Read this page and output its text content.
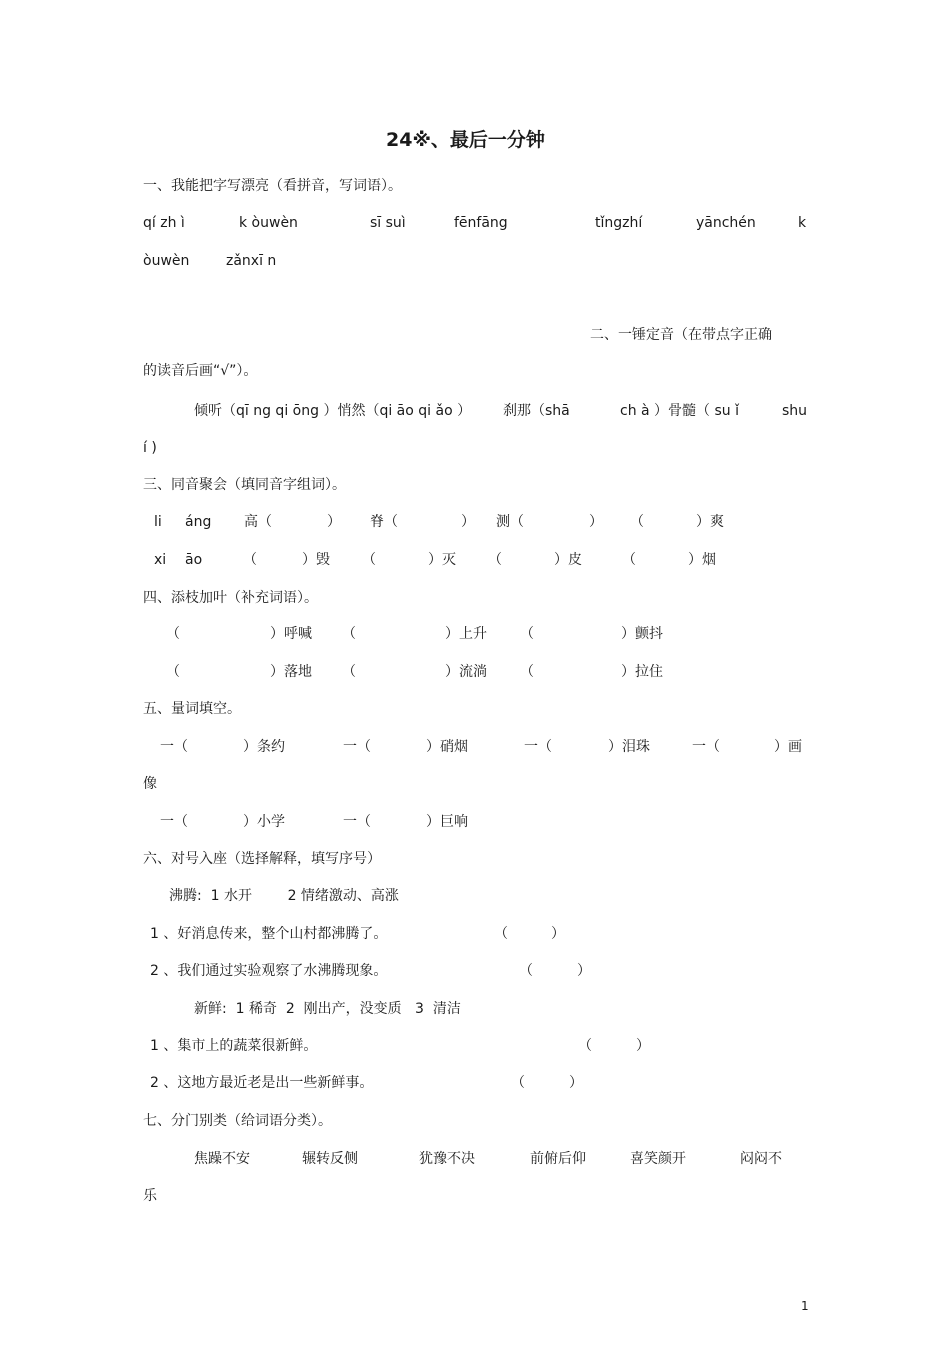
24※、最后一分钟
一、我能把字写漂亮（看拼音，写词语）。
qí zh ì	k òuwèn	sī suì	fēnfāng	tǐngzhí	yānchén	k
òuwèn	zǎnxī n
二、一锤定音（在带点字正确
的读音后画“√”）。
倾听（qī ng qi ōng ）悄然（qi āo qi ǎo ） 刹那（shā	ch à ）骨髓（ su ǐ	shu
í )
三、同音聚会（填同音字组词）。
li áng 高（	） 脊（	） 测（	） （	）爽
xi āo	（	）毁 （	）灭 （	）皮	（	）烟
四、添枝加叶（补充词语）。
（	）呼喊 （	）上升 （	）颤抖
（	）落地 （	）流淌 （	）拉住
五、量词填空。
一（	）条约	一（	）硝烟	一（	）泪珠	一（	）画
像
一（	）小学	一（	）巨响
六、对号入座（选择解释，填写序号）
沸腾:  1 水开        2 情绪激动、高涨
1 、好消息传来，整个山村都沸腾了。	（	）
2 、我们通过实验观察了水沸腾现象。	（	）
新鲜:  1 稀奇  2  刚出产，没变质   3  清洁
1 、集市上的蔬菜很新鲜。	（	）
2 、这地方最近老是出一些新鲜事。	（	）
七、分门别类（给词语分类）。
焦躁不安	辗转反侧	犹豫不决	前俯后仰	喜笑颜开	闷闷不
乐
1
